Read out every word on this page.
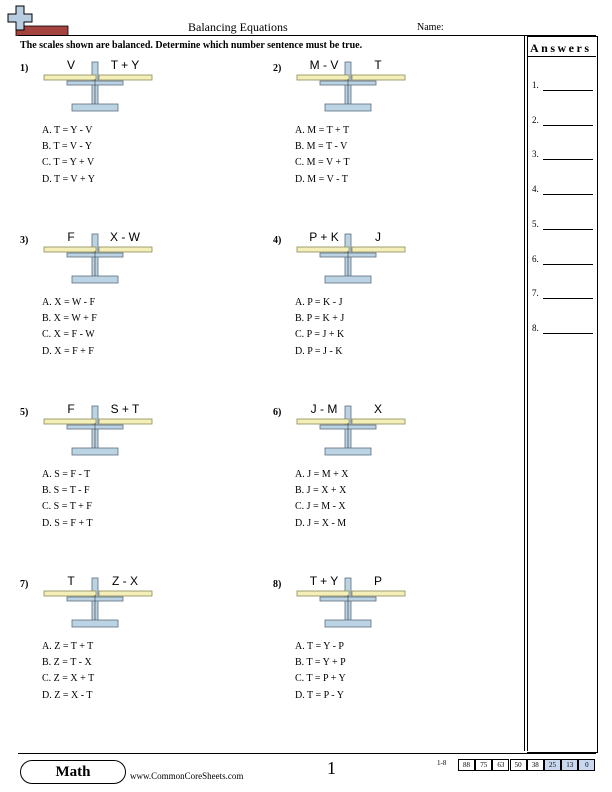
Balancing Equations	Name:
The scales shown are balanced. Determine which number sentence must be true.	Answers
1.
2.
3.
4.
5.
6.
7.
8.
1)	V	T + Y
A. T = Y - V
B. T = V - Y
C. T = Y + V
D. T = V + Y
2)	M - V	T
A. M = T + T
B. M = T - V
C. M = V + T
D. M = V - T
3)	F	X - W
A. X = W - F
B. X = W + F
C. X = F - W
D. X = F + F
4)	P + K	J
A. P = K - J
B. P = K + J
C. P = J + K
D. P = J - K
5)	F	S + T
A. S = F - T
B. S = T - F
C. S = T + F
D. S = F + T
6)	J - M	X
A. J = M + X
B. J = X + X
C. J = M - X
D. J = X - M
7)	T	Z - X
A. Z = T + T
B. Z = T - X
C. Z = X + T
D. Z = X - T
8)	T + Y	P
A. T = Y - P
B. T = Y + P
C. T = P + Y
D. T = P - Y
Math	www.CommonCoreSheets.com	1	1-8	88	75	63	50	38	25	13	0
